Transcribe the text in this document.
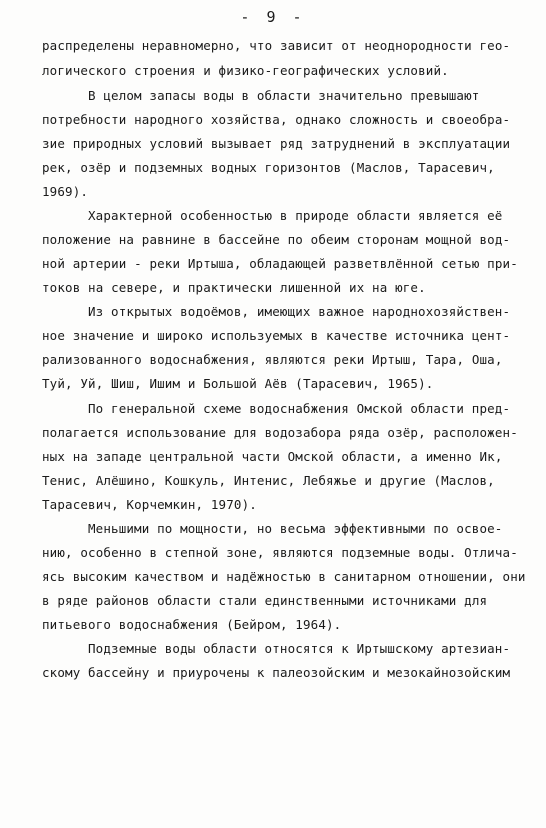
- 9 -
распределены неравномерно, что зависит от неоднородности гео-
логического строения и физико-географических условий.
В целом запасы воды в области значительно превышают
потребности народного хозяйства, однако сложность и своеобра-
зие природных условий вызывает ряд затруднений в эксплуатации
рек, озёр и подземных водных горизонтов (Маслов, Тарасевич,
1969).
Характерной особенностью в природе области является её
положение на равнине в бассейне по обеим сторонам мощной вод-
ной артерии - реки Иртыша, обладающей разветвлённой сетью при-
токов на севере, и практически лишенной их на юге.
Из открытых водоёмов, имеющих важное народнохозяйствен-
ное значение и широко используемых в качестве источника цент-
рализованного водоснабжения, являются реки Иртыш, Тара, Оша,
Туй, Уй, Шиш, Ишим и Большой Аёв (Тарасевич, 1965).
По генеральной схеме водоснабжения Омской области пред-
полагается использование для водозабора ряда озёр, расположен-
ных на западе центральной части Омской области, а именно Ик,
Тенис, Алёшино, Кошкуль, Интенис, Лебяжье и другие (Маслов,
Тарасевич, Корчемкин, 1970).
Меньшими по мощности, но весьма эффективными по освое-
нию, особенно в степной зоне, являются подземные воды. Отлича-
ясь высоким качеством и надёжностью в санитарном отношении, они
в ряде районов области стали единственными источниками для
питьевого водоснабжения (Бейром, 1964).
Подземные воды области относятся к Иртышскому артезиан-
скому бассейну и приурочены к палеозойским и мезокайнозойским
